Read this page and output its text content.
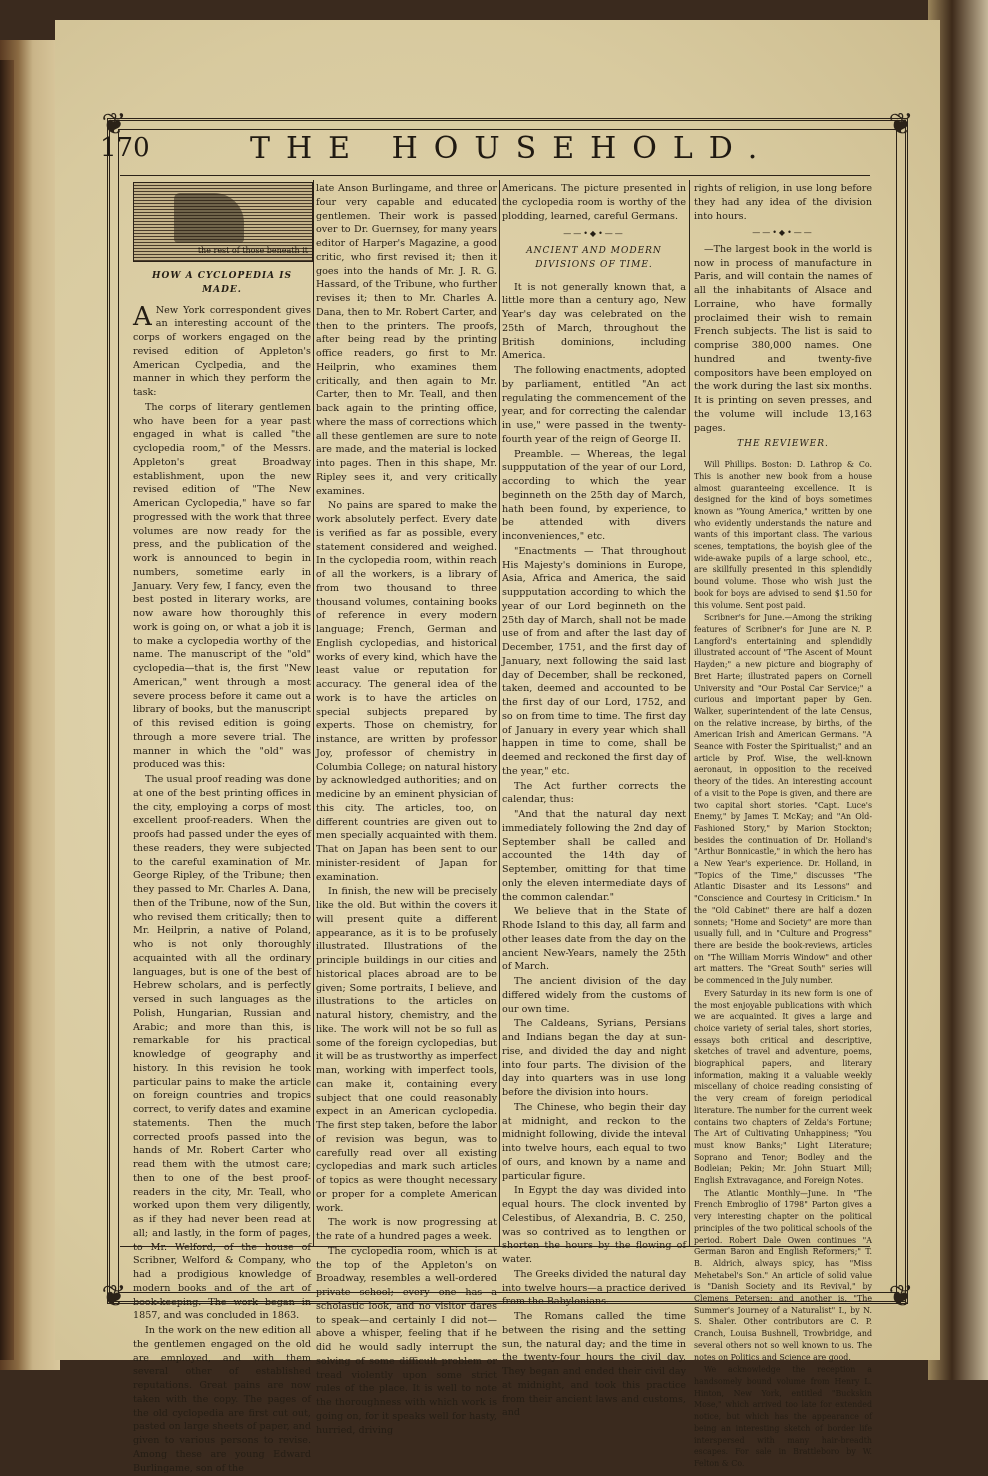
❦	❦
❦	❦
170	THE HOUSEHOLD.
the rest of those beneath it
HOW A CYCLOPEDIA IS MADE.

A New York correspondent gives an interesting account of the corps of workers engaged on the revised edition of Appleton's American Cyclpedia, and the manner in which they perform the task:

The corps of literary gentlemen who have been for a year past engaged in what is called "the cyclopedia room," of the Messrs. Appleton's great Broadway establishment, upon the new revised edition of "The New American Cyclopedia," have so far progressed with the work that three volumes are now ready for the press, and the publication of the work is announced to begin in numbers, sometime early in January. Very few, I fancy, even the best posted in literary works, are now aware how thoroughly this work is going on, or what a job it is to make a cyclopedia worthy of the name. The manuscript of the "old" cyclopedia—that is, the first "New American," went through a most severe process before it came out a library of books, but the manuscript of this revised edition is going through a more severe trial. The manner in which the "old" was produced was this:

The usual proof reading was done at one of the best printing offices in the city, employing a corps of most excellent proof-readers. When the proofs had passed under the eyes of these readers, they were subjected to the careful examination of Mr. George Ripley, of the Tribune; then they passed to Mr. Charles A. Dana, then of the Tribune, now of the Sun, who revised them critically; then to Mr. Heilprin, a native of Poland, who is not only thoroughly acquainted with all the ordinary languages, but is one of the best of Hebrew scholars, and is perfectly versed in such languages as the Polish, Hungarian, Russian and Arabic; and more than this, is remarkable for his practical knowledge of geography and history. In this revision he took particular pains to make the article on foreign countries and tropics correct, to verify dates and examine statements. Then the much corrected proofs passed into the hands of Mr. Robert Carter who read them with the utmost care; then to one of the best proof-readers in the city, Mr. Teall, who worked upon them very diligently, as if they had never been read at all; and lastly, in the form of pages, to Mr. Welford, of the house of Scribner, Welford & Company, who had a prodigious knowledge of modern books and of the art of book-keeping. The work began in 1857, and was concluded in 1863.

In the work on the new edition all the gentlemen engaged on the old are employed, and with them several other of established reputations. Great pains are now taken with the copy. The pages of the old cyclopedia are first cut out, pasted on large sheets of paper, and given to various persons to revise. Among these are young Edward Burlingame, son of the

late Anson Burlingame, and three or four very capable and educated gentlemen. Their work is passed over to Dr. Guernsey, for many years editor of Harper's Magazine, a good critic, who first revised it; then it goes into the hands of Mr. J. R. G. Hassard, of the Tribune, who further revises it; then to Mr. Charles A. Dana, then to Mr. Robert Carter, and then to the printers. The proofs, after being read by the printing office readers, go first to Mr. Heilprin, who examines them critically, and then again to Mr. Carter, then to Mr. Teall, and then back again to the printing office, where the mass of corrections which all these gentlemen are sure to note are made, and the material is locked into pages. Then in this shape, Mr. Ripley sees it, and very critically examines.

No pains are spared to make the work absolutely perfect. Every date is verified as far as possible, every statement considered and weighed. In the cyclopedia room, within reach of all the workers, is a library of from two thousand to three thousand volumes, containing books of reference in every modern language; French, German and English cyclopedias, and historical works of every kind, which have the least value or reputation for accuracy. The general idea of the work is to have the articles on special subjects prepared by experts. Those on chemistry, for instance, are written by professor Joy, professor of chemistry in Columbia College; on natural history by acknowledged authorities; and on medicine by an eminent physician of this city. The articles, too, on different countries are given out to men specially acquainted with them. That on Japan has been sent to our minister-resident of Japan for examination.

In finish, the new will be precisely like the old. But within the covers it will present quite a different appearance, as it is to be profusely illustrated. Illustrations of the principle buildings in our cities and historical places abroad are to be given; Some portraits, I believe, and illustrations to the articles on natural history, chemistry, and the like. The work will not be so full as some of the foreign cyclopedias, but it will be as trustworthy as imperfect man, working with imperfect tools, can make it, containing every subject that one could reasonably expect in an American cyclopedia. The first step taken, before the labor of revision was begun, was to carefully read over all existing cyclopedias and mark such articles of topics as were thought necessary or proper for a complete American work.

The work is now progressing at the rate of a hundred pages a week.

The cyclopedia room, which is at the top of the Appleton's on Broadway, resembles a well-ordered private school; every one has a scholastic look, and no visitor dares to speak—and certainly I did not—above a whisper, feeling that if he did he would sadly interrupt the solving of some difficult problem or tread violently upon some strict rules of the place. It is well to note the thoroughness with which work is going on, for it speaks well for hasty, hurried, driving

Americans. The picture presented in the cyclopedia room is worthy of the plodding, learned, careful Germans.

——•◆•——
ANCIENT AND MODERN DIVISIONS OF TIME.

It is not generally known that, a little more than a century ago, New Year's day was celebrated on the 25th of March, throughout the British dominions, including America.

The following enactments, adopted by parliament, entitled "An act regulating the commencement of the year, and for correcting the calendar in use," were passed in the twenty-fourth year of the reign of George II.

Preamble. — Whereas, the legal suppputation of the year of our Lord, according to which the year beginneth on the 25th day of March, hath been found, by experience, to be attended with divers inconveniences," etc.

"Enactments — That throughout His Majesty's dominions in Europe, Asia, Africa and America, the said suppputation according to which the year of our Lord beginneth on the 25th day of March, shall not be made use of from and after the last day of December, 1751, and the first day of January, next following the said last day of December, shall be reckoned, taken, deemed and accounted to be the first day of our Lord, 1752, and so on from time to time. The first day of January in every year which shall happen in time to come, shall be deemed and reckoned the first day of the year," etc.

The Act further corrects the calendar, thus:

"And that the natural day next immediately following the 2nd day of September shall be called and accounted the 14th day of September, omitting for that time only the eleven intermediate days of the common calendar."

We believe that in the State of Rhode Island to this day, all farm and other leases date from the day on the ancient New-Years, namely the 25th of March.

The ancient division of the day differed widely from the customs of our own time.

The Caldeans, Syrians, Persians and Indians began the day at sun-rise, and divided the day and night into four parts. The division of the day into quarters was in use long before the division into hours.

The Chinese, who begin their day at midnight, and reckon to the midnight following, divide the inteval into twelve hours, each equal to two of ours, and known by a name and particular figure.

In Egypt the day was divided into equal hours. The clock invented by Celestibus, of Alexandria, B. C. 250, was so contrived as to lengthen or shorten the hours by the flowing of water.

The Greeks divided the natural day into twelve hours—a practice derived from the Babylonians.

The Romans called the time between the rising and the setting sun, the natural day; and the time in the twenty-four hours the civil day. They began and ended their civil day at midnight, and took this practice from their ancient laws and customs, and

rights of religion, in use long before they had any idea of the division into hours.

——•◆•——

—The largest book in the world is now in process of manufacture in Paris, and will contain the names of all the inhabitants of Alsace and Lorraine, who have formally proclaimed their wish to remain French subjects. The list is said to comprise 380,000 names. One hundred and twenty-five compositors have been employed on the work during the last six months. It is printing on seven presses, and the volume will include 13,163 pages.

THE REVIEWER.

Will Phillips. Boston: D. Lathrop & Co. This is another new book from a house almost guaranteeing excellence. It is designed for the kind of boys sometimes known as "Young America," written by one who evidently understands the nature and wants of this important class. The various scenes, temptations, the boyish glee of the wide-awake pupils of a large school, etc., are skillfully presented in this splendidly bound volume. Those who wish just the book for boys are advised to send $1.50 for this volume. Sent post paid.

Scribner's for June.—Among the striking features of Scribner's for June are N. P. Langford's entertaining and splendidly illustrated account of "The Ascent of Mount Hayden;" a new picture and biography of Bret Harte; illustrated papers on Cornell University and "Our Postal Car Service;" a curious and important paper by Gen. Walker, superintendent of the late Census, on the relative increase, by births, of the American Irish and American Germans. "A Seance with Foster the Spiritualist;" and an article by Prof. Wise, the well-known aeronaut, in opposition to the received theory of the tides. An interesting account of a visit to the Pope is given, and there are two capital short stories. "Capt. Luce's Enemy," by James T. McKay; and "An Old-Fashioned Story," by Marion Stockton; besides the continuation of Dr. Holland's "Arthur Bonnicastle," in which the hero has a New Year's experience. Dr. Holland, in "Topics of the Time," discusses "The Atlantic Disaster and its Lessons" and "Conscience and Courtesy in Criticism." In the "Old Cabinet" there are half a dozen sonnets; "Home and Society" are more than usually full, and in "Culture and Progress" there are beside the book-reviews, articles on "The William Morris Window" and other art matters. The "Great South" series will be commenced in the July number.

Every Saturday in its new form is one of the most enjoyable publications with which we are acquainted. It gives a large and choice variety of serial tales, short stories, essays both critical and descriptive, sketches of travel and adventure, poems, biographical papers, and literary information, making it a valuable weekly miscellany of choice reading consisting of the very cream of foreign periodical literature. The number for the current week contains two chapters of Zelda's Fortune; The Art of Cultivating Unhappiness; "You must know Banks;" Light Literature; Soprano and Tenor; Bodley and the Bodleian; Pekin; Mr. John Stuart Mill; English Extravagance, and Foreign Notes.

The Atlantic Monthly—June. In "The French Embroglio of 1798" Parton gives a very interesting chapter on the political principles of the two political schools of the period. Robert Dale Owen continues "A German Baron and English Reformers;" T. B. Aldrich, always spicy, has "Miss Mehetabel's Son." An article of solid value is "Danish Society and its Revival," by Clemens Petersen; and another is, "The Summer's Journey of a Naturalist" I., by N. S. Shaler. Other contributors are C. P. Cranch, Louisa Bushnell, Trowbridge, and several others not so well known to us. The notes on Politics and Science are good.

We acknowledge the reception a handsomely bound volume from Henry L. Hinton, New York, entitled "Buckskin Mose," which arrived too late for extended notice, but which has the appearance of being an interesting sketch of border life interspersed with many hair-breadth escapes. For sale in Brattleboro by W. Felton & Co.
